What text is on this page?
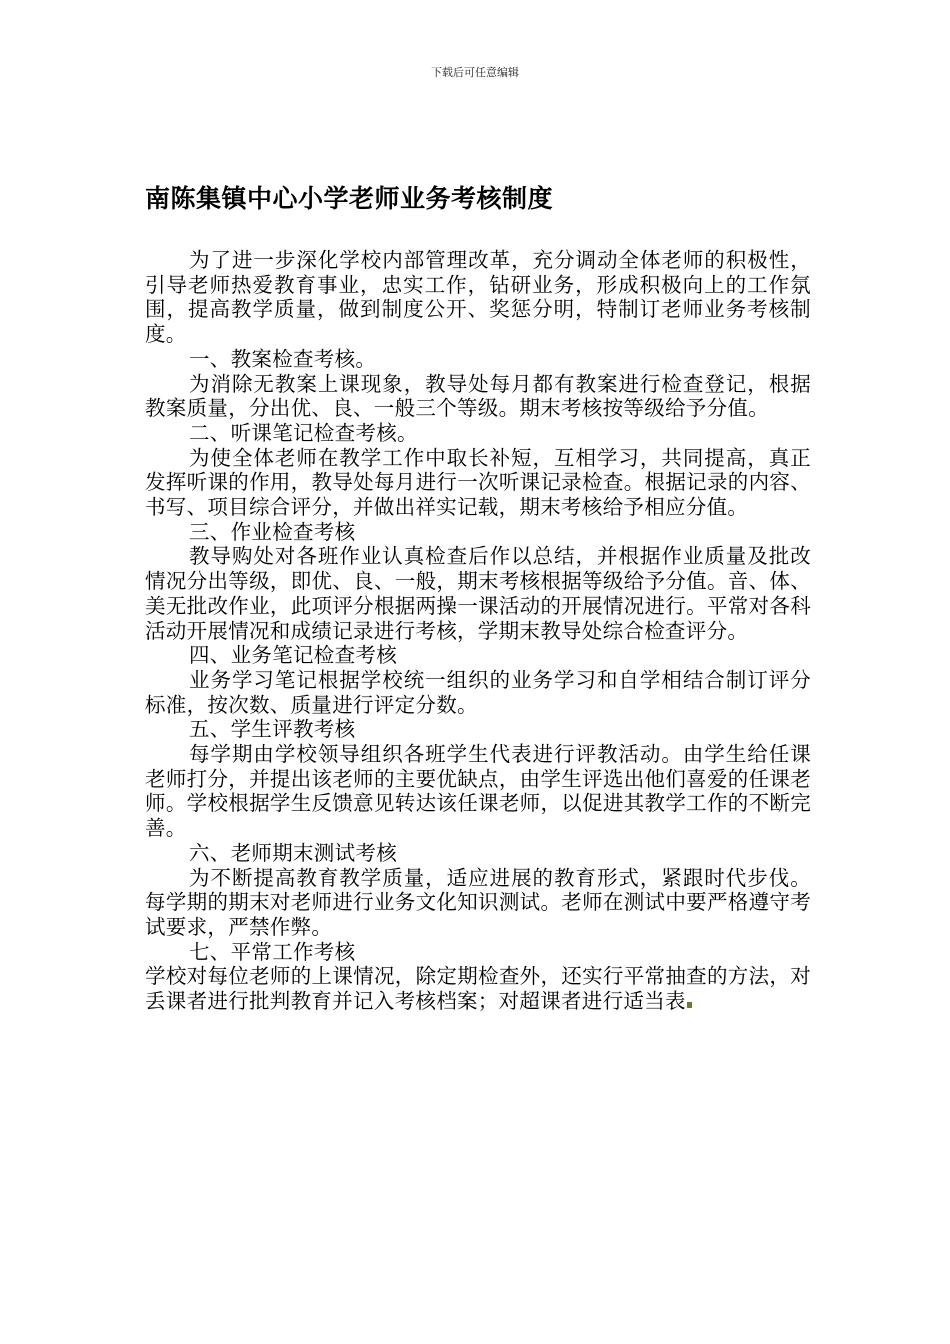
下载后可任意编辑
南陈集镇中心小学老师业务考核制度

为了进一步深化学校内部管理改革，充分调动全体老师的积极性，引导老师热爱教育事业，忠实工作，钻研业务，形成积极向上的工作氛围，提高教学质量，做到制度公开、奖惩分明，特制订老师业务考核制度。

一、教案检查考核。

为消除无教案上课现象，教导处每月都有教案进行检查登记，根据教案质量，分出优、良、一般三个等级。期末考核按等级给予分值。

二、听课笔记检查考核。

为使全体老师在教学工作中取长补短，互相学习，共同提高，真正发挥听课的作用，教导处每月进行一次听课记录检查。根据记录的内容、书写、项目综合评分，并做出祥实记载，期末考核给予相应分值。

三、作业检查考核

教导购处对各班作业认真检查后作以总结，并根据作业质量及批改情况分出等级，即优、良、一般，期末考核根据等级给予分值。音、体、美无批改作业，此项评分根据两操一课活动的开展情况进行。平常对各科活动开展情况和成绩记录进行考核，学期末教导处综合检查评分。

四、业务笔记检查考核

业务学习笔记根据学校统一组织的业务学习和自学相结合制订评分标准，按次数、质量进行评定分数。

五、学生评教考核

每学期由学校领导组织各班学生代表进行评教活动。由学生给任课老师打分，并提出该老师的主要优缺点，由学生评选出他们喜爱的任课老师。学校根据学生反馈意见转达该任课老师，以促进其教学工作的不断完善。

六、老师期末测试考核

为不断提高教育教学质量，适应进展的教育形式，紧跟时代步伐。每学期的期末对老师进行业务文化知识测试。老师在测试中要严格遵守考试要求，严禁作弊。

七、平常工作考核

学校对每位老师的上课情况，除定期检查外，还实行平常抽查的方法，对丢课者进行批判教育并记入考核档案；对超课者进行适当表
